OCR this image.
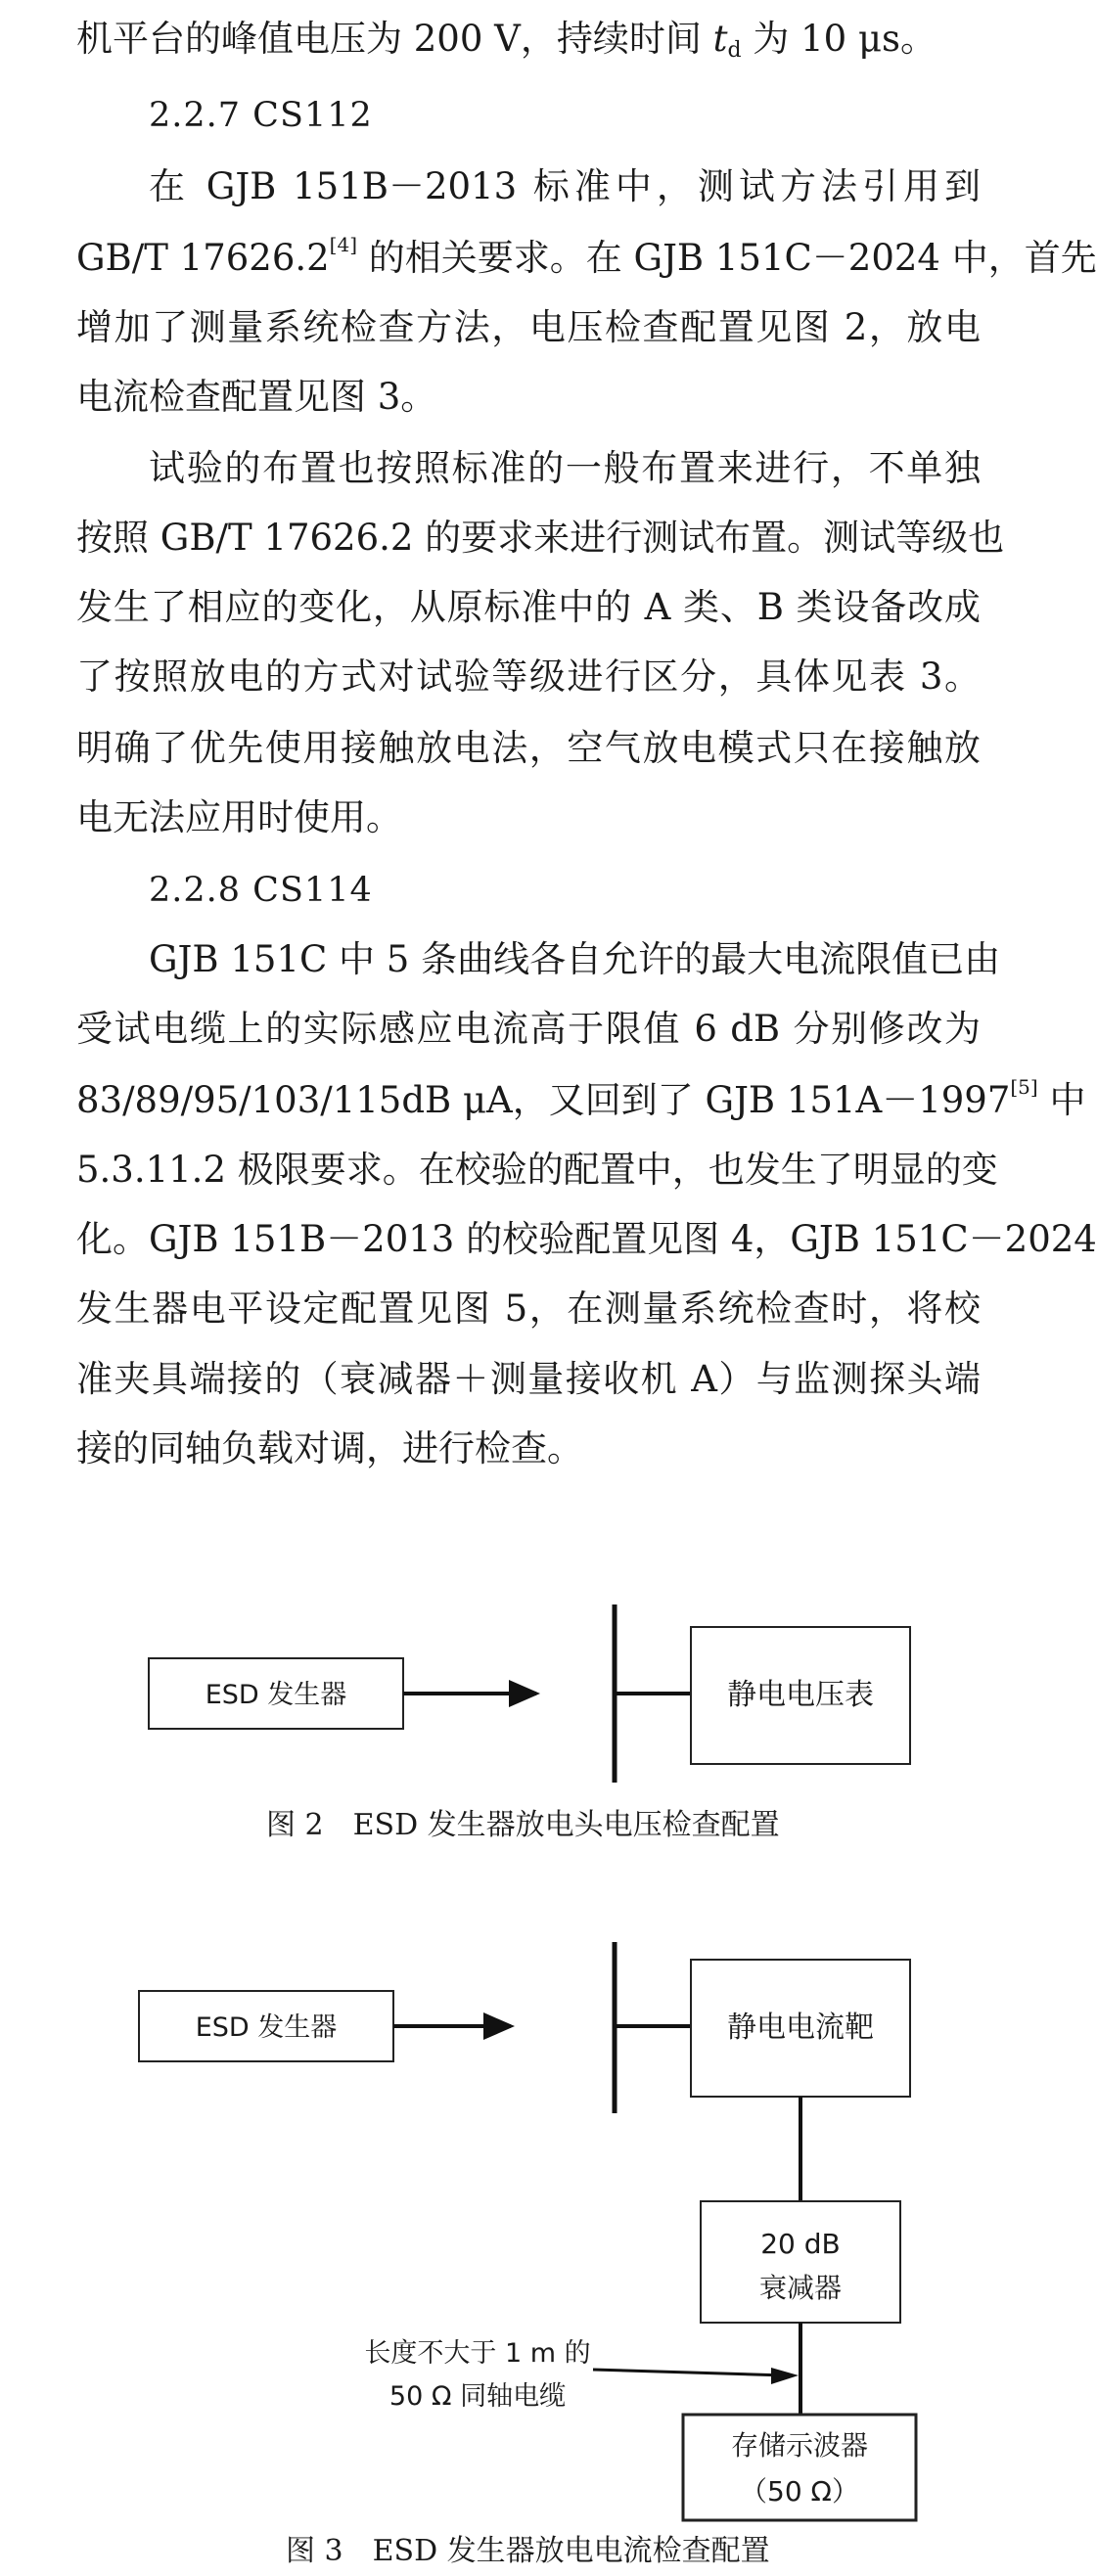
机平台的峰值电压为 200 V，持续时间 td 为 10 μs。
2.2.7 CS112
在 GJB 151B－2013 标准中，测试方法引用到
GB/T 17626.2[4] 的相关要求。在 GJB 151C－2024 中，首先
增加了测量系统检查方法，电压检查配置见图 2，放电
电流检查配置见图 3。
试验的布置也按照标准的一般布置来进行，不单独
按照 GB/T 17626.2 的要求来进行测试布置。测试等级也
发生了相应的变化，从原标准中的 A 类、B 类设备改成
了按照放电的方式对试验等级进行区分，具体见表 3。
明确了优先使用接触放电法，空气放电模式只在接触放
电无法应用时使用。
2.2.8 CS114
GJB 151C 中 5 条曲线各自允许的最大电流限值已由
受试电缆上的实际感应电流高于限值 6 dB 分别修改为
83/89/95/103/115dB μA，又回到了 GJB 151A－1997[5] 中
5.3.11.2 极限要求。在校验的配置中，也发生了明显的变
化。GJB 151B－2013 的校验配置见图 4，GJB 151C－2024
发生器电平设定配置见图 5，在测量系统检查时，将校
准夹具端接的（衰减器＋测量接收机 A）与监测探头端
接的同轴负载对调，进行检查。
ESD 发生器	静电电压表
ESD 发生器	静电电流靶
20 dB
衰减器
长度不大于 1 m 的
50 Ω 同轴电缆
存储示波器
（50 Ω）
图 2　ESD 发生器放电头电压检查配置
图 3　ESD 发生器放电电流检查配置
